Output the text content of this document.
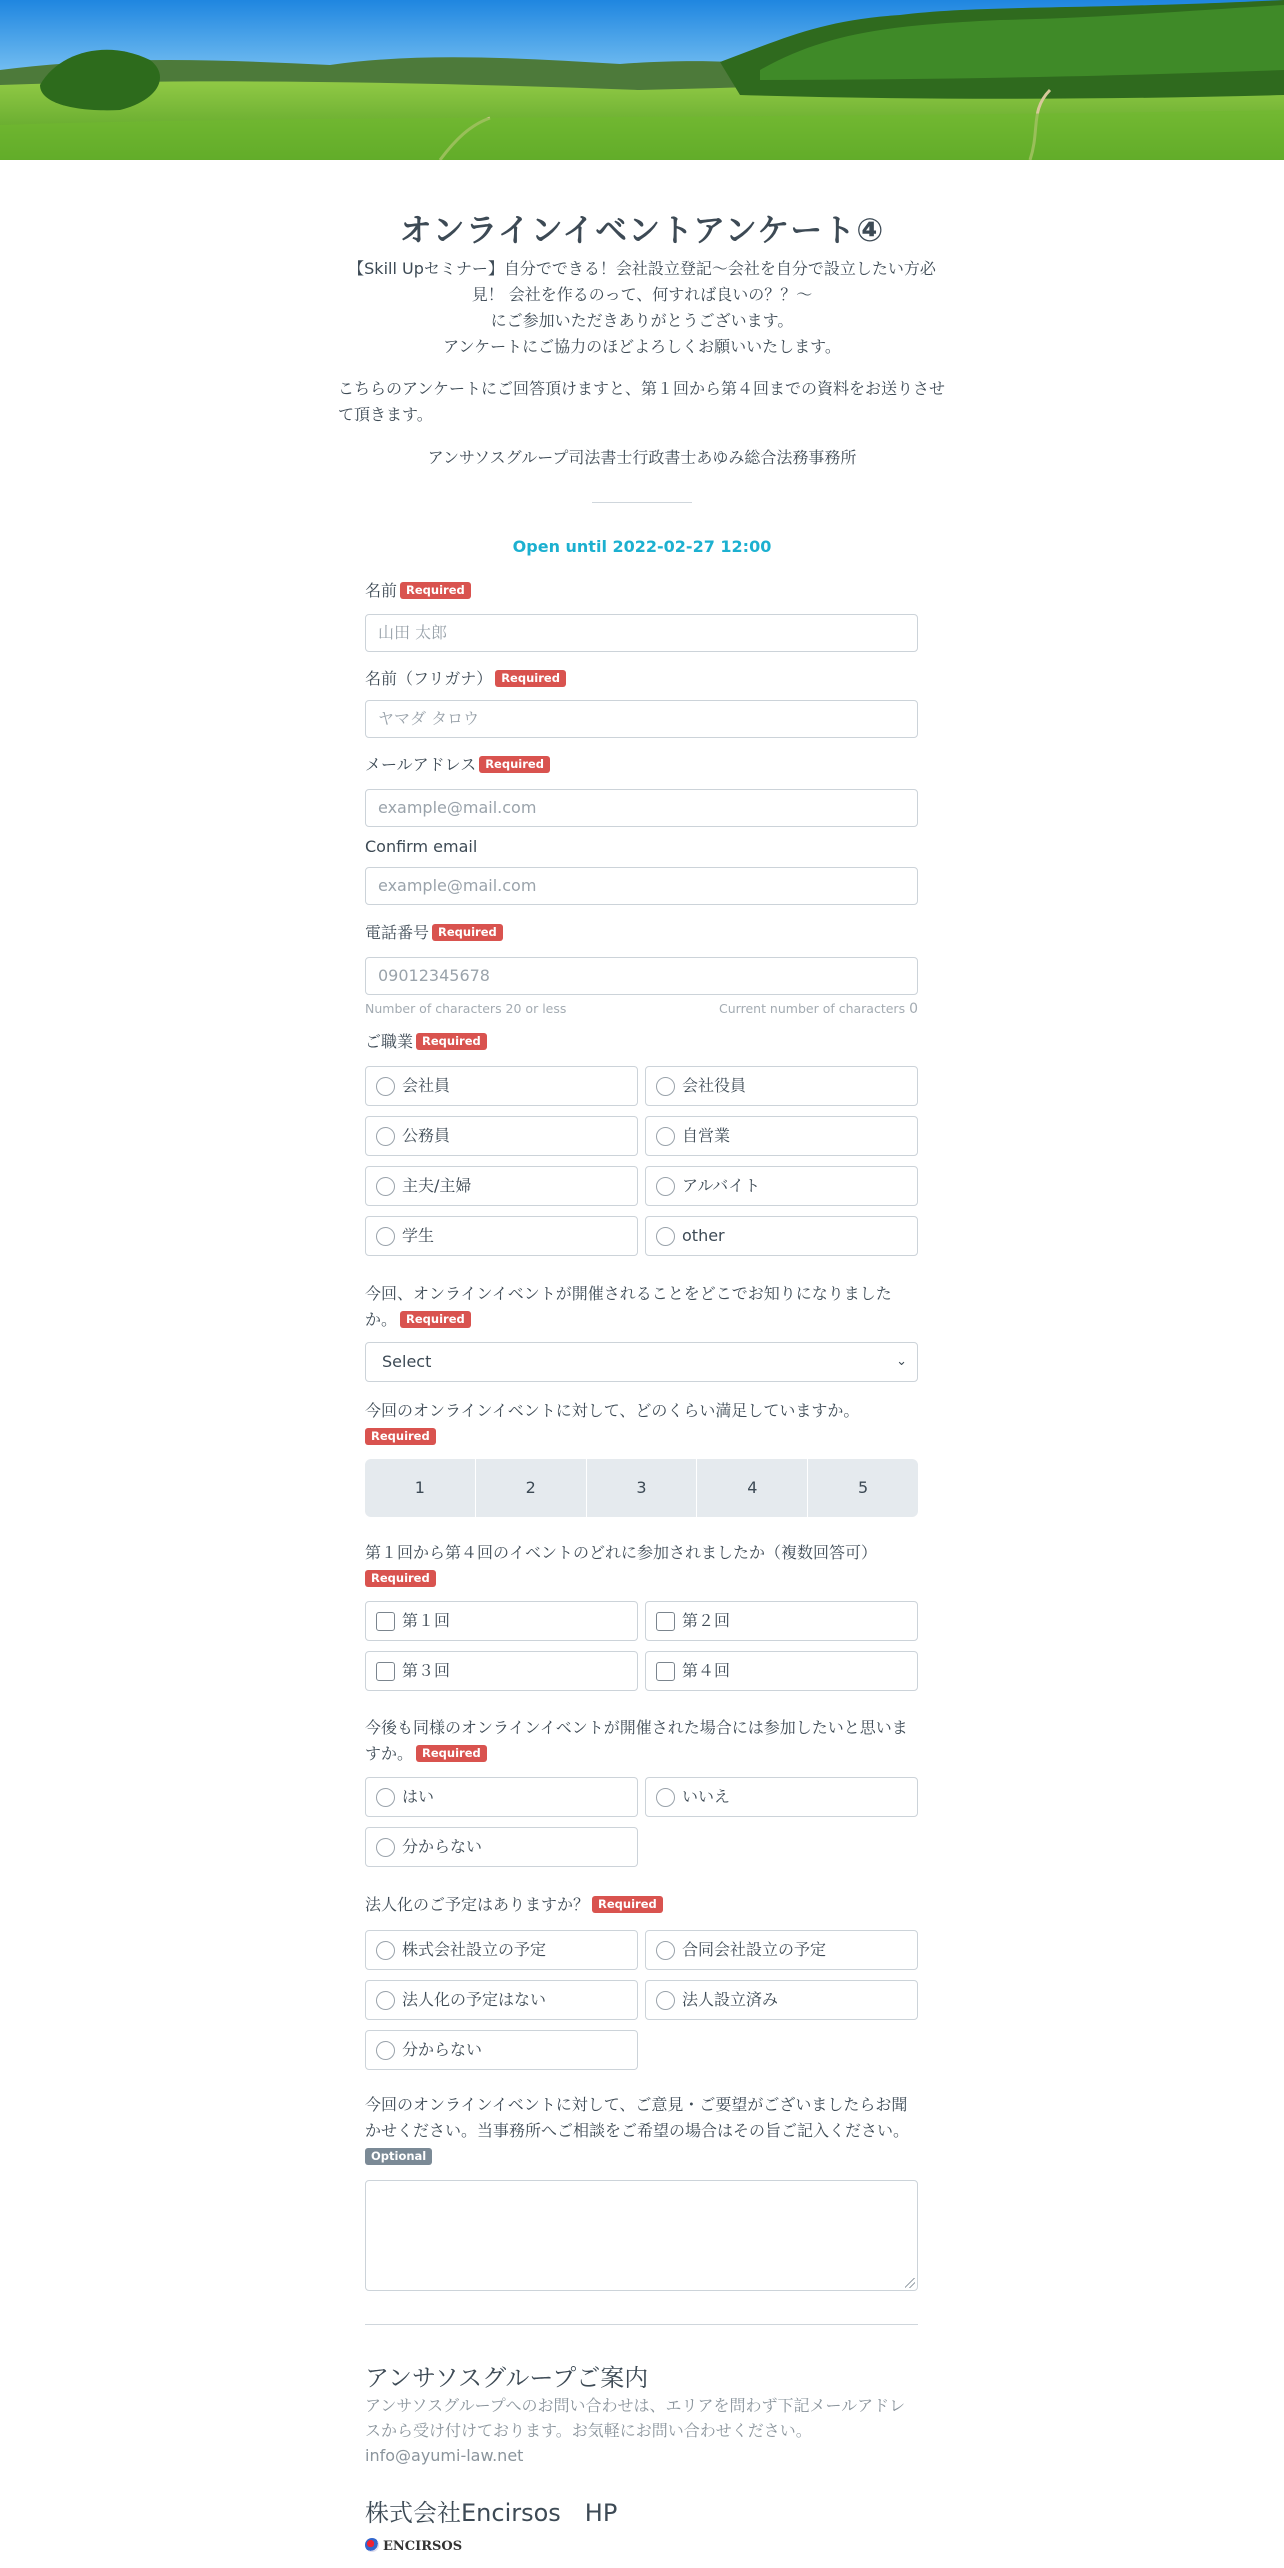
オンラインイベントアンケート④
【Skill Upセミナー】自分でできる！会社設立登記～会社を自分で設立したい方必
見！ 会社を作るのって、何すれば良いの？？～
にご参加いただきありがとうございます。
アンケートにご協力のほどよろしくお願いいたします。
こちらのアンケートにご回答頂けますと、第１回から第４回までの資料をお送りさせて頂きます。
アンサソスグループ司法書士行政書士あゆみ総合法務事務所
Open until 2022-02-27 12:00
名前 Required
山田 太郎
名前（フリガナ） Required
ヤマダ タロウ
メールアドレス Required
example@mail.com
Confirm email
example@mail.com
電話番号 Required
09012345678
Number of characters 20 or less	Current number of characters 0
ご職業 Required
会社員	会社役員
公務員	自営業
主夫/主婦	アルバイト
学生	other
今回、オンラインイベントが開催されることをどこでお知りになりましたか。 Required
Select	⌄
今回のオンラインイベントに対して、どのくらい満足していますか。
Required
1	2	3	4	5
第１回から第４回のイベントのどれに参加されましたか（複数回答可）
Required
第１回	第２回
第３回	第４回
今後も同様のオンラインイベントが開催された場合には参加したいと思いますか。 Required
はい	いいえ
分からない
法人化のご予定はありますか？ Required
株式会社設立の予定	合同会社設立の予定
法人化の予定はない	法人設立済み
分からない
今回のオンラインイベントに対して、ご意見・ご要望がございましたらお聞かせください。当事務所へご相談をご希望の場合はその旨ご記入ください。
Optional
アンサソスグループご案内
アンサソスグループへのお問い合わせは、エリアを問わず下記メールアドレスから受け付けております。お気軽にお問い合わせください。
info@ayumi-law.net
株式会社Encirsos　HP
ENCIRSOS
